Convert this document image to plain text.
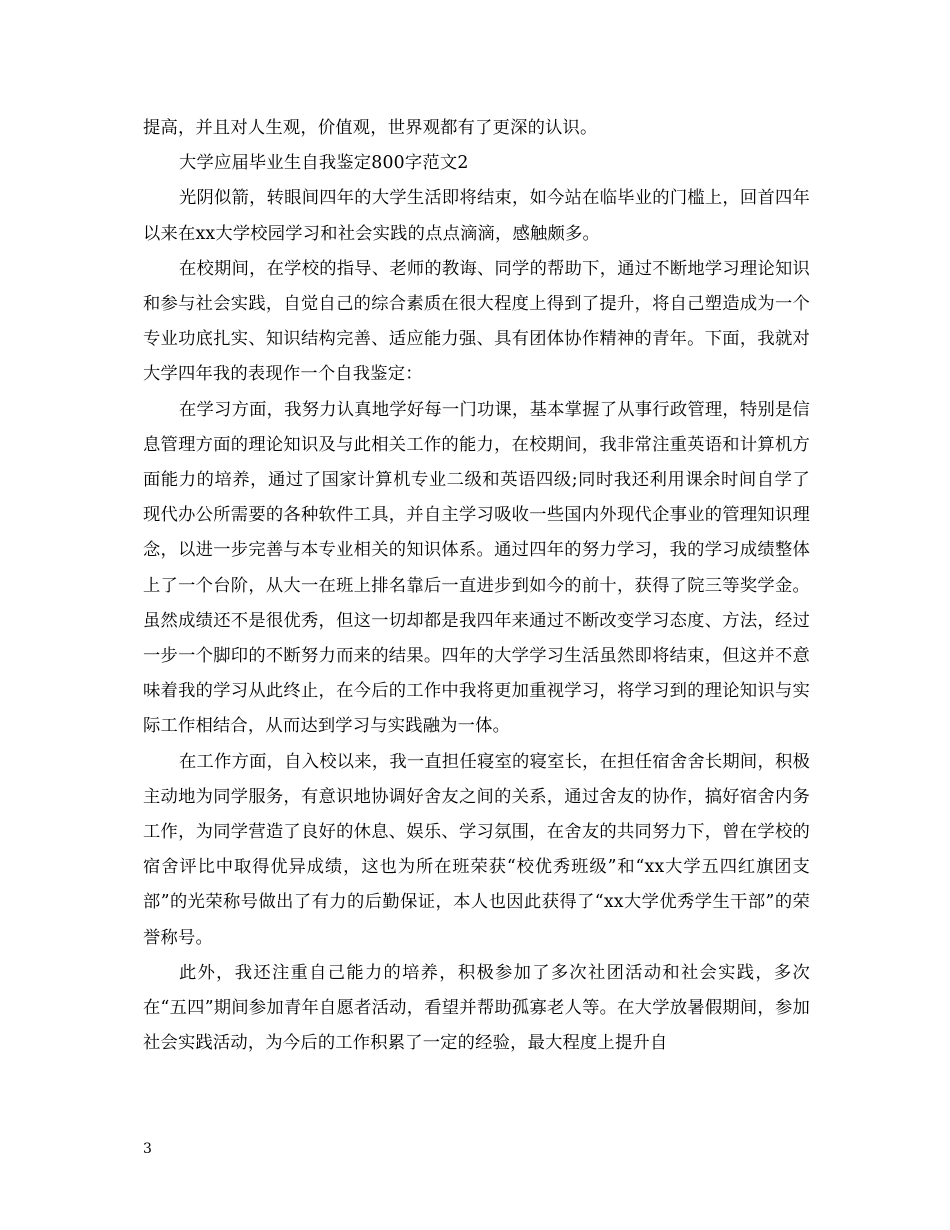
提高，并且对人生观，价值观，世界观都有了更深的认识。

大学应届毕业生自我鉴定800字范文2

光阴似箭，转眼间四年的大学生活即将结束，如今站在临毕业的门槛上，回首四年以来在xx大学校园学习和社会实践的点点滴滴，感触颇多。

在校期间，在学校的指导、老师的教诲、同学的帮助下，通过不断地学习理论知识和参与社会实践，自觉自己的综合素质在很大程度上得到了提升，将自己塑造成为一个专业功底扎实、知识结构完善、适应能力强、具有团体协作精神的青年。下面，我就对大学四年我的表现作一个自我鉴定：

在学习方面，我努力认真地学好每一门功课，基本掌握了从事行政管理，特别是信息管理方面的理论知识及与此相关工作的能力，在校期间，我非常注重英语和计算机方面能力的培养，通过了国家计算机专业二级和英语四级;同时我还利用课余时间自学了现代办公所需要的各种软件工具，并自主学习吸收一些国内外现代企事业的管理知识理念，以进一步完善与本专业相关的知识体系。通过四年的努力学习，我的学习成绩整体上了一个台阶，从大一在班上排名靠后一直进步到如今的前十，获得了院三等奖学金。虽然成绩还不是很优秀，但这一切却都是我四年来通过不断改变学习态度、方法，经过一步一个脚印的不断努力而来的结果。四年的大学学习生活虽然即将结束，但这并不意味着我的学习从此终止，在今后的工作中我将更加重视学习，将学习到的理论知识与实际工作相结合，从而达到学习与实践融为一体。

在工作方面，自入校以来，我一直担任寝室的寝室长，在担任宿舍舍长期间，积极主动地为同学服务，有意识地协调好舍友之间的关系，通过舍友的协作，搞好宿舍内务工作，为同学营造了良好的休息、娱乐、学习氛围，在舍友的共同努力下，曾在学校的宿舍评比中取得优异成绩，这也为所在班荣获“校优秀班级”和“xx大学五四红旗团支部”的光荣称号做出了有力的后勤保证，本人也因此获得了“xx大学优秀学生干部”的荣誉称号。

此外，我还注重自己能力的培养，积极参加了多次社团活动和社会实践，多次在“五四”期间参加青年自愿者活动，看望并帮助孤寡老人等。在大学放暑假期间，参加社会实践活动，为今后的工作积累了一定的经验，最大程度上提升自

3
